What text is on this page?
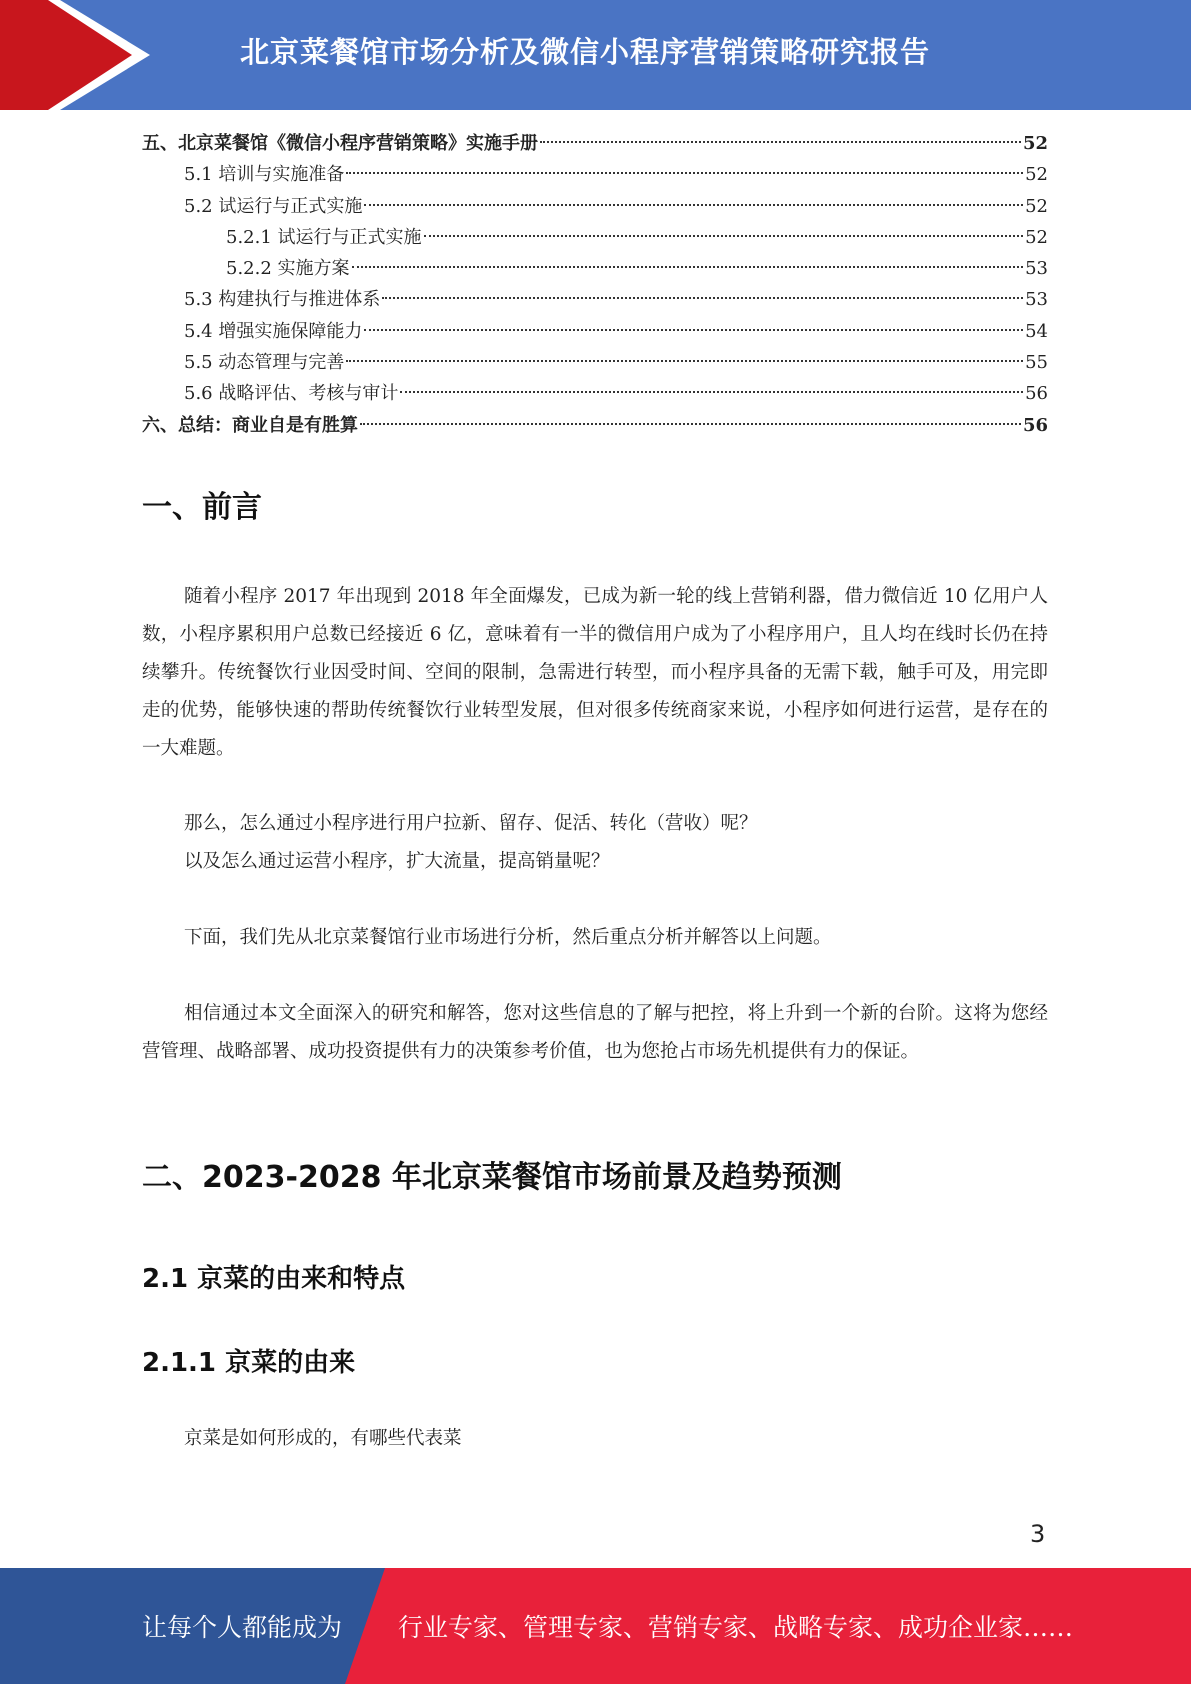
北京菜餐馆市场分析及微信小程序营销策略研究报告
五、北京菜餐馆《微信小程序营销策略》实施手册	52
5.1 培训与实施准备	52
5.2 试运行与正式实施	52
5.2.1 试运行与正式实施	52
5.2.2 实施方案	53
5.3 构建执行与推进体系	53
5.4 增强实施保障能力	54
5.5 动态管理与完善	55
5.6 战略评估、考核与审计	56
六、总结：商业自是有胜算	56
一、前言
随着小程序 2017 年出现到 2018 年全面爆发，已成为新一轮的线上营销利器，借力微信近 10 亿用户人数，小程序累积用户总数已经接近 6 亿，意味着有一半的微信用户成为了小程序用户，且人均在线时长仍在持续攀升。传统餐饮行业因受时间、空间的限制，急需进行转型，而小程序具备的无需下载，触手可及，用完即走的优势，能够快速的帮助传统餐饮行业转型发展，但对很多传统商家来说，小程序如何进行运营，是存在的一大难题。
那么，怎么通过小程序进行用户拉新、留存、促活、转化（营收）呢？
以及怎么通过运营小程序，扩大流量，提高销量呢？
下面，我们先从北京菜餐馆行业市场进行分析，然后重点分析并解答以上问题。
相信通过本文全面深入的研究和解答，您对这些信息的了解与把控，将上升到一个新的台阶。这将为您经营管理、战略部署、成功投资提供有力的决策参考价值，也为您抢占市场先机提供有力的保证。
二、2023-2028 年北京菜餐馆市场前景及趋势预测
2.1 京菜的由来和特点
2.1.1 京菜的由来
京菜是如何形成的，有哪些代表菜
3
让每个人都能成为 行业专家、管理专家、营销专家、战略专家、成功企业家……
